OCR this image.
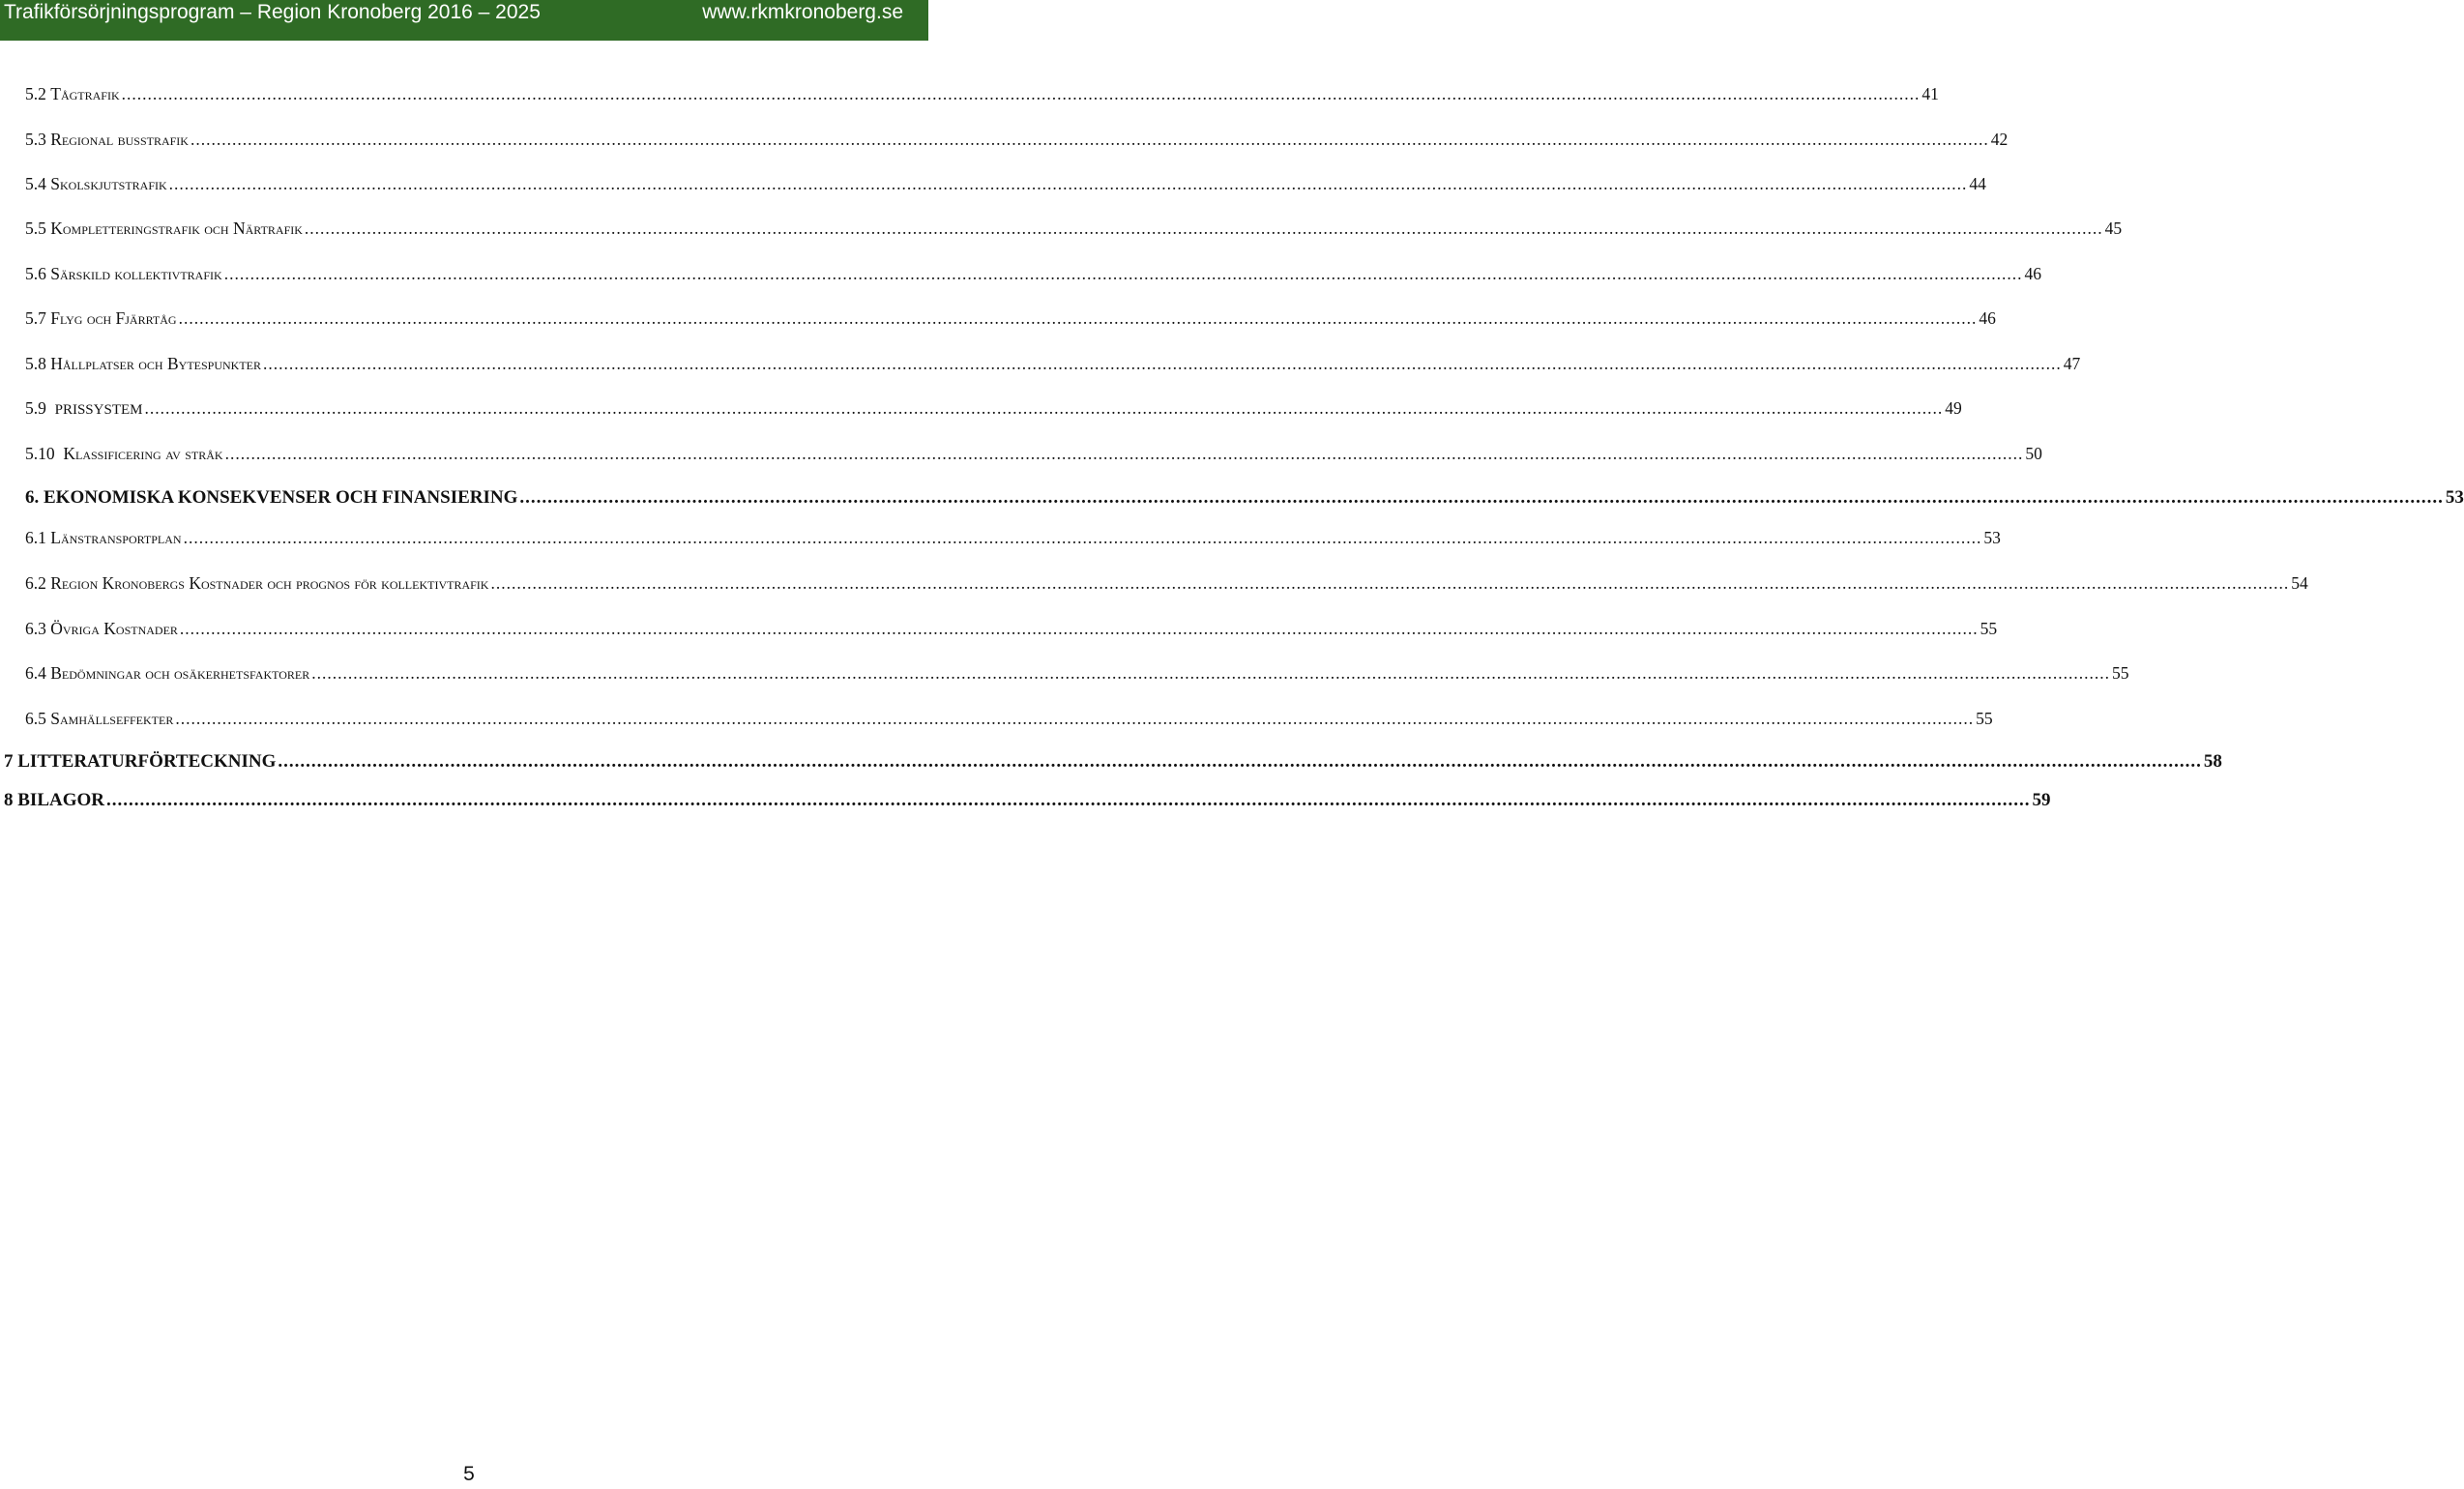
Trafikförsörjningsprogram – Region Kronoberg 2016 – 2025	www.rkmkronoberg.se
5.2 Tågtrafik .....	41
5.3 Regional busstrafik .....	42
5.4 Skolskjutstrafik .....	44
5.5 Kompletteringstrafik och Närtrafik .....	45
5.6 Särskild kollektivtrafik .....	46
5.7 Flyg och Fjärrtåg .....	46
5.8 Hållplatser och Bytespunkter .....	47
5.9 PRISSYSTEM .....	49
5.10 Klassificering av stråk .....	50
6. EKONOMISKA KONSEKVENSER OCH FINANSIERING .....	53
6.1 Länstransportplan .....	53
6.2 Region Kronobergs Kostnader och prognos för kollektivtrafik .....	54
6.3 Övriga Kostnader .....	55
6.4 Bedömningar och osäkerhetsfaktorer .....	55
6.5 Samhällseffekter .....	55
7 LITTERATURFÖRTECKNING .....	58
8 BILAGOR .....	59
5
